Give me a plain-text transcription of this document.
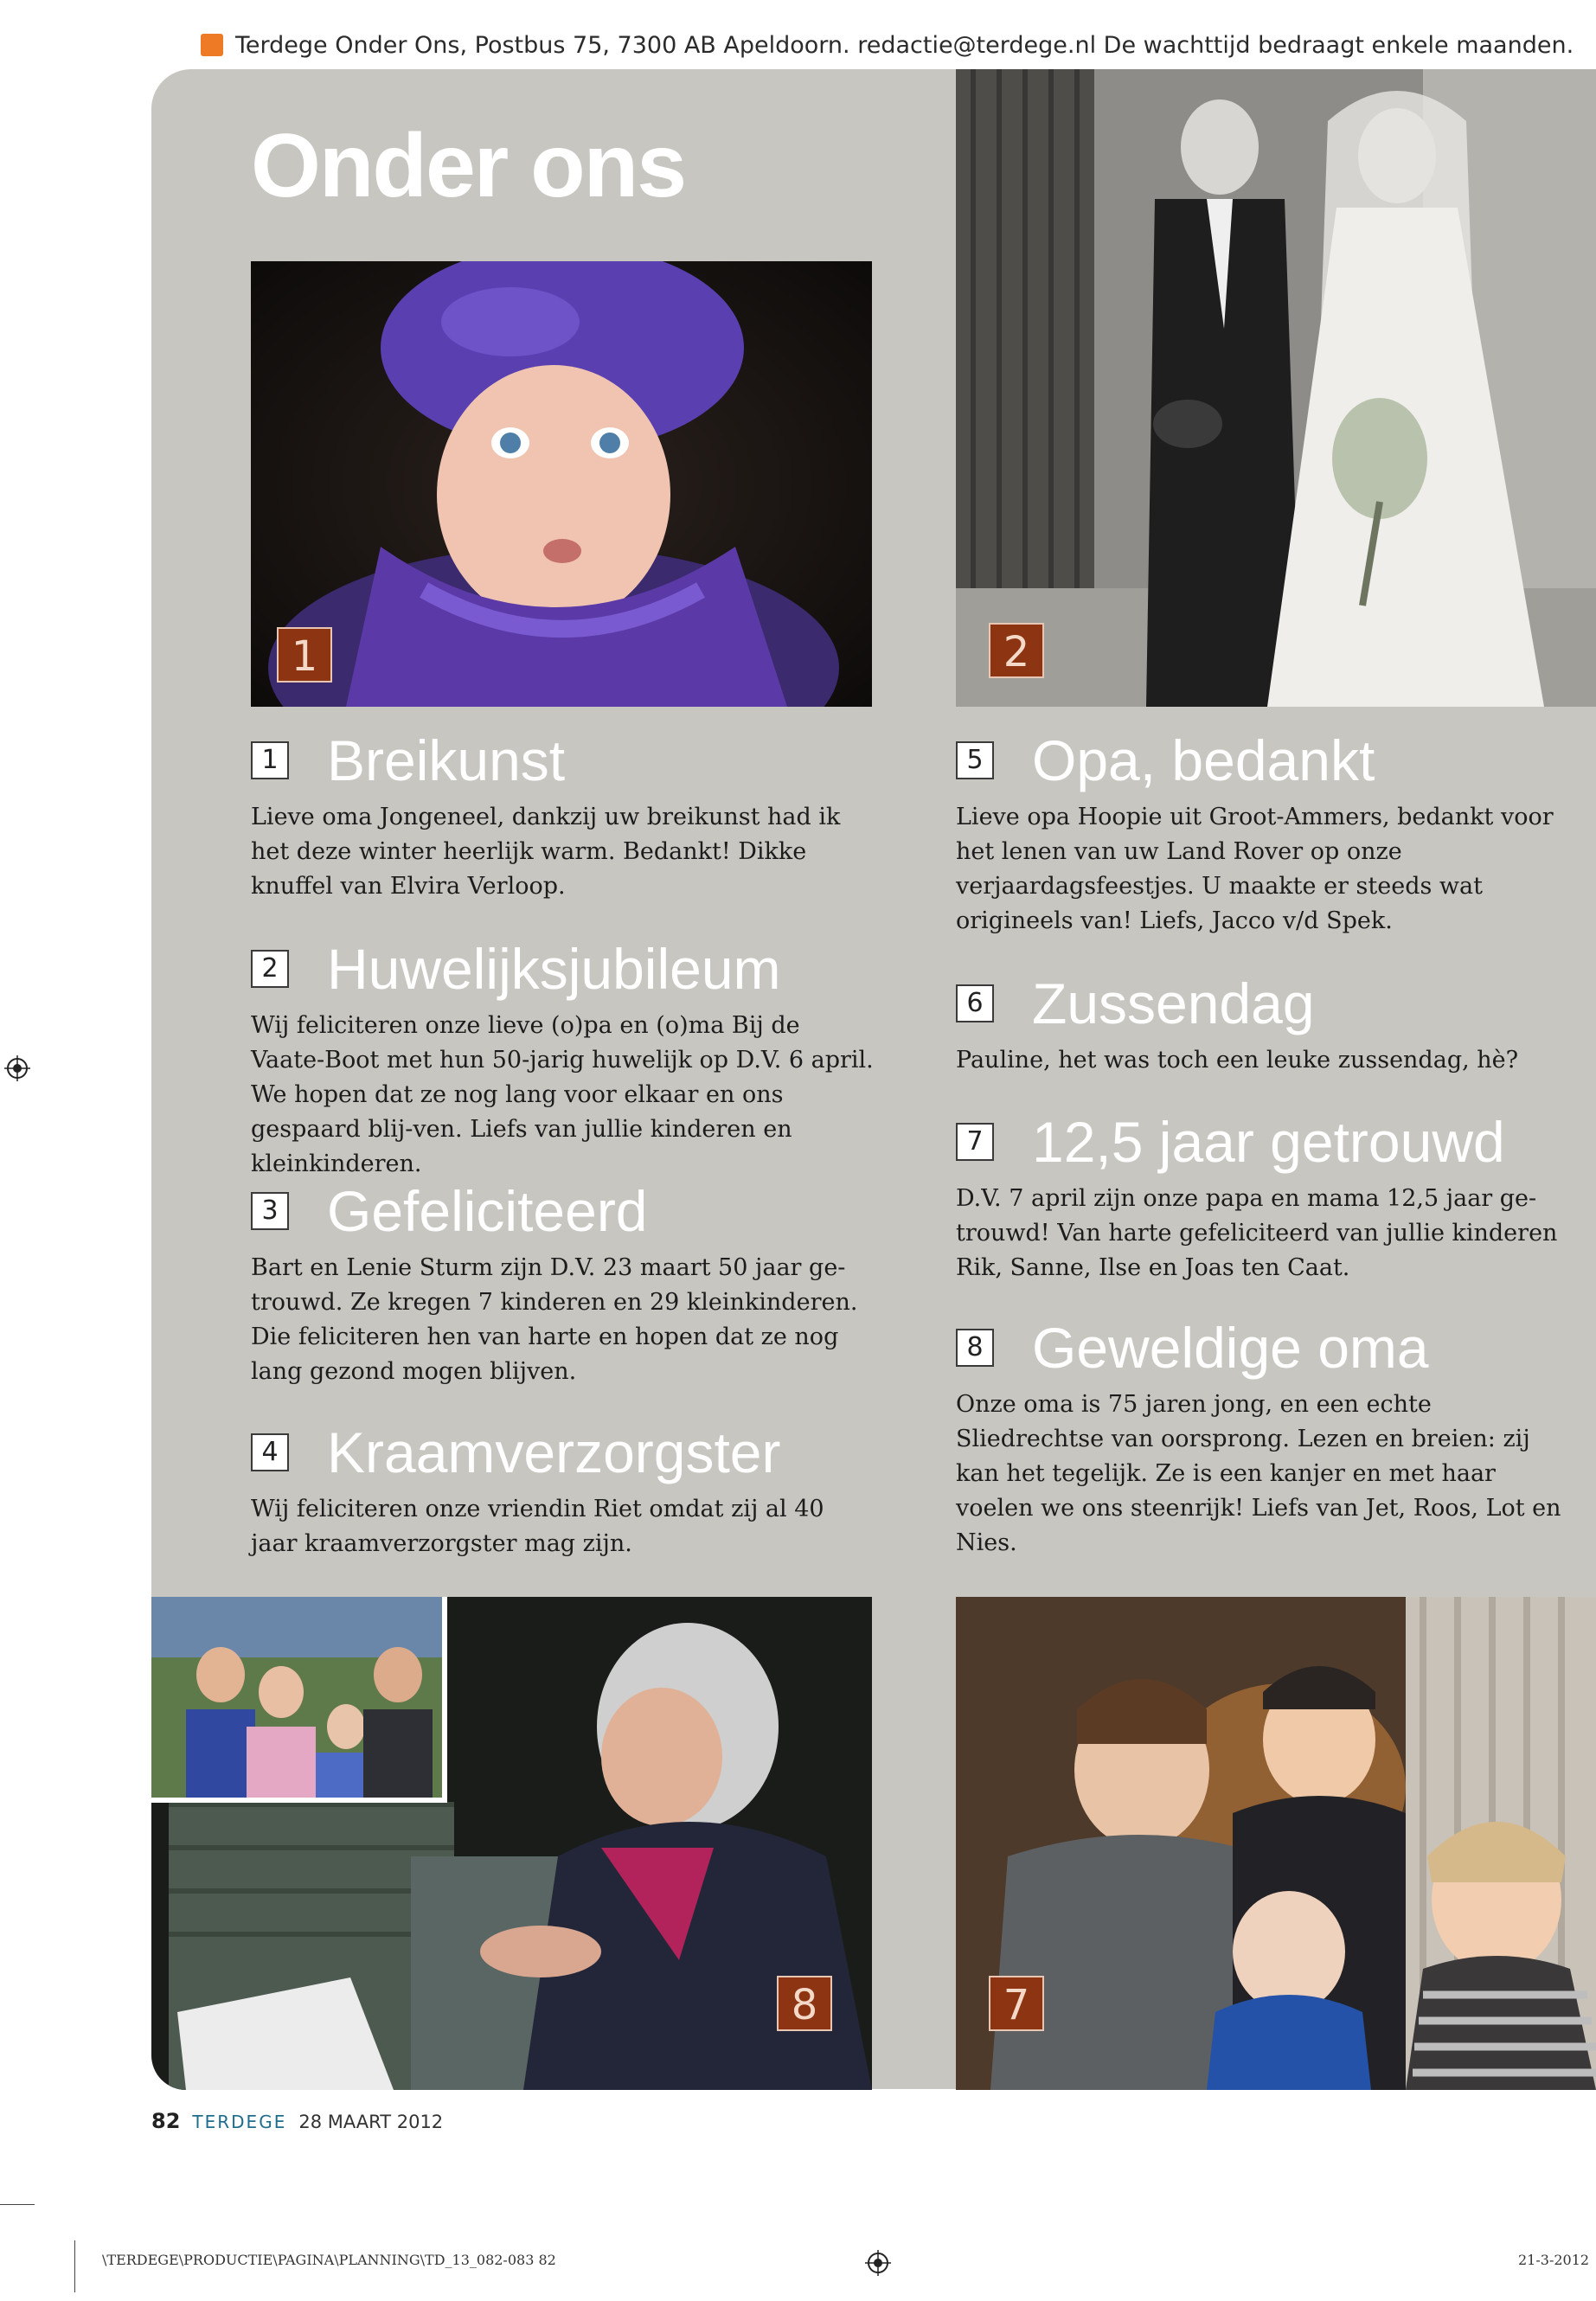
Terdege Onder Ons, Postbus 75, 7300 AB Apeldoorn. redactie@terdege.nl De wachttijd bedraagt enkele maanden.
Onder ons
1	2
1 Breikunst
Lieve oma Jongeneel, dankzij uw breikunst had ik het deze winter heerlijk warm. Bedankt! Dikke knuffel van Elvira Verloop.
2 Huwelijksjubileum
Wij feliciteren onze lieve (o)pa en (o)ma Bij de Vaate-Boot met hun 50-jarig huwelijk op D.V. 6 april. We hopen dat ze nog lang voor elkaar en ons gespaard blij-ven. Liefs van jullie kinderen en kleinkinderen.
3 Gefeliciteerd
Bart en Lenie Sturm zijn D.V. 23 maart 50 jaar ge-trouwd. Ze kregen 7 kinderen en 29 kleinkinderen. Die feliciteren hen van harte en hopen dat ze nog lang gezond mogen blijven.
4 Kraamverzorgster
Wij feliciteren onze vriendin Riet omdat zij al 40 jaar kraamverzorgster mag zijn.
5 Opa, bedankt
Lieve opa Hoopie uit Groot-Ammers, bedankt voor het lenen van uw Land Rover op onze verjaardagsfeestjes. U maakte er steeds wat origineels van! Liefs, Jacco v/d Spek.
6 Zussendag
Pauline, het was toch een leuke zussendag, hè?
7 12,5 jaar getrouwd
D.V. 7 april zijn onze papa en mama 12,5 jaar ge-trouwd! Van harte gefeliciteerd van jullie kinderen Rik, Sanne, Ilse en Joas ten Caat.
8 Geweldige oma
Onze oma is 75 jaren jong, en een echte Sliedrechtse van oorsprong. Lezen en breien: zij kan het tegelijk. Ze is een kanjer en met haar voelen we ons steenrijk! Liefs van Jet, Roos, Lot en Nies.
8	7
82 TERDEGE 28 MAART 2012
\TERDEGE\PRODUCTIE\PAGINA\PLANNING\TD_13_082-083 82	21-3-2012
